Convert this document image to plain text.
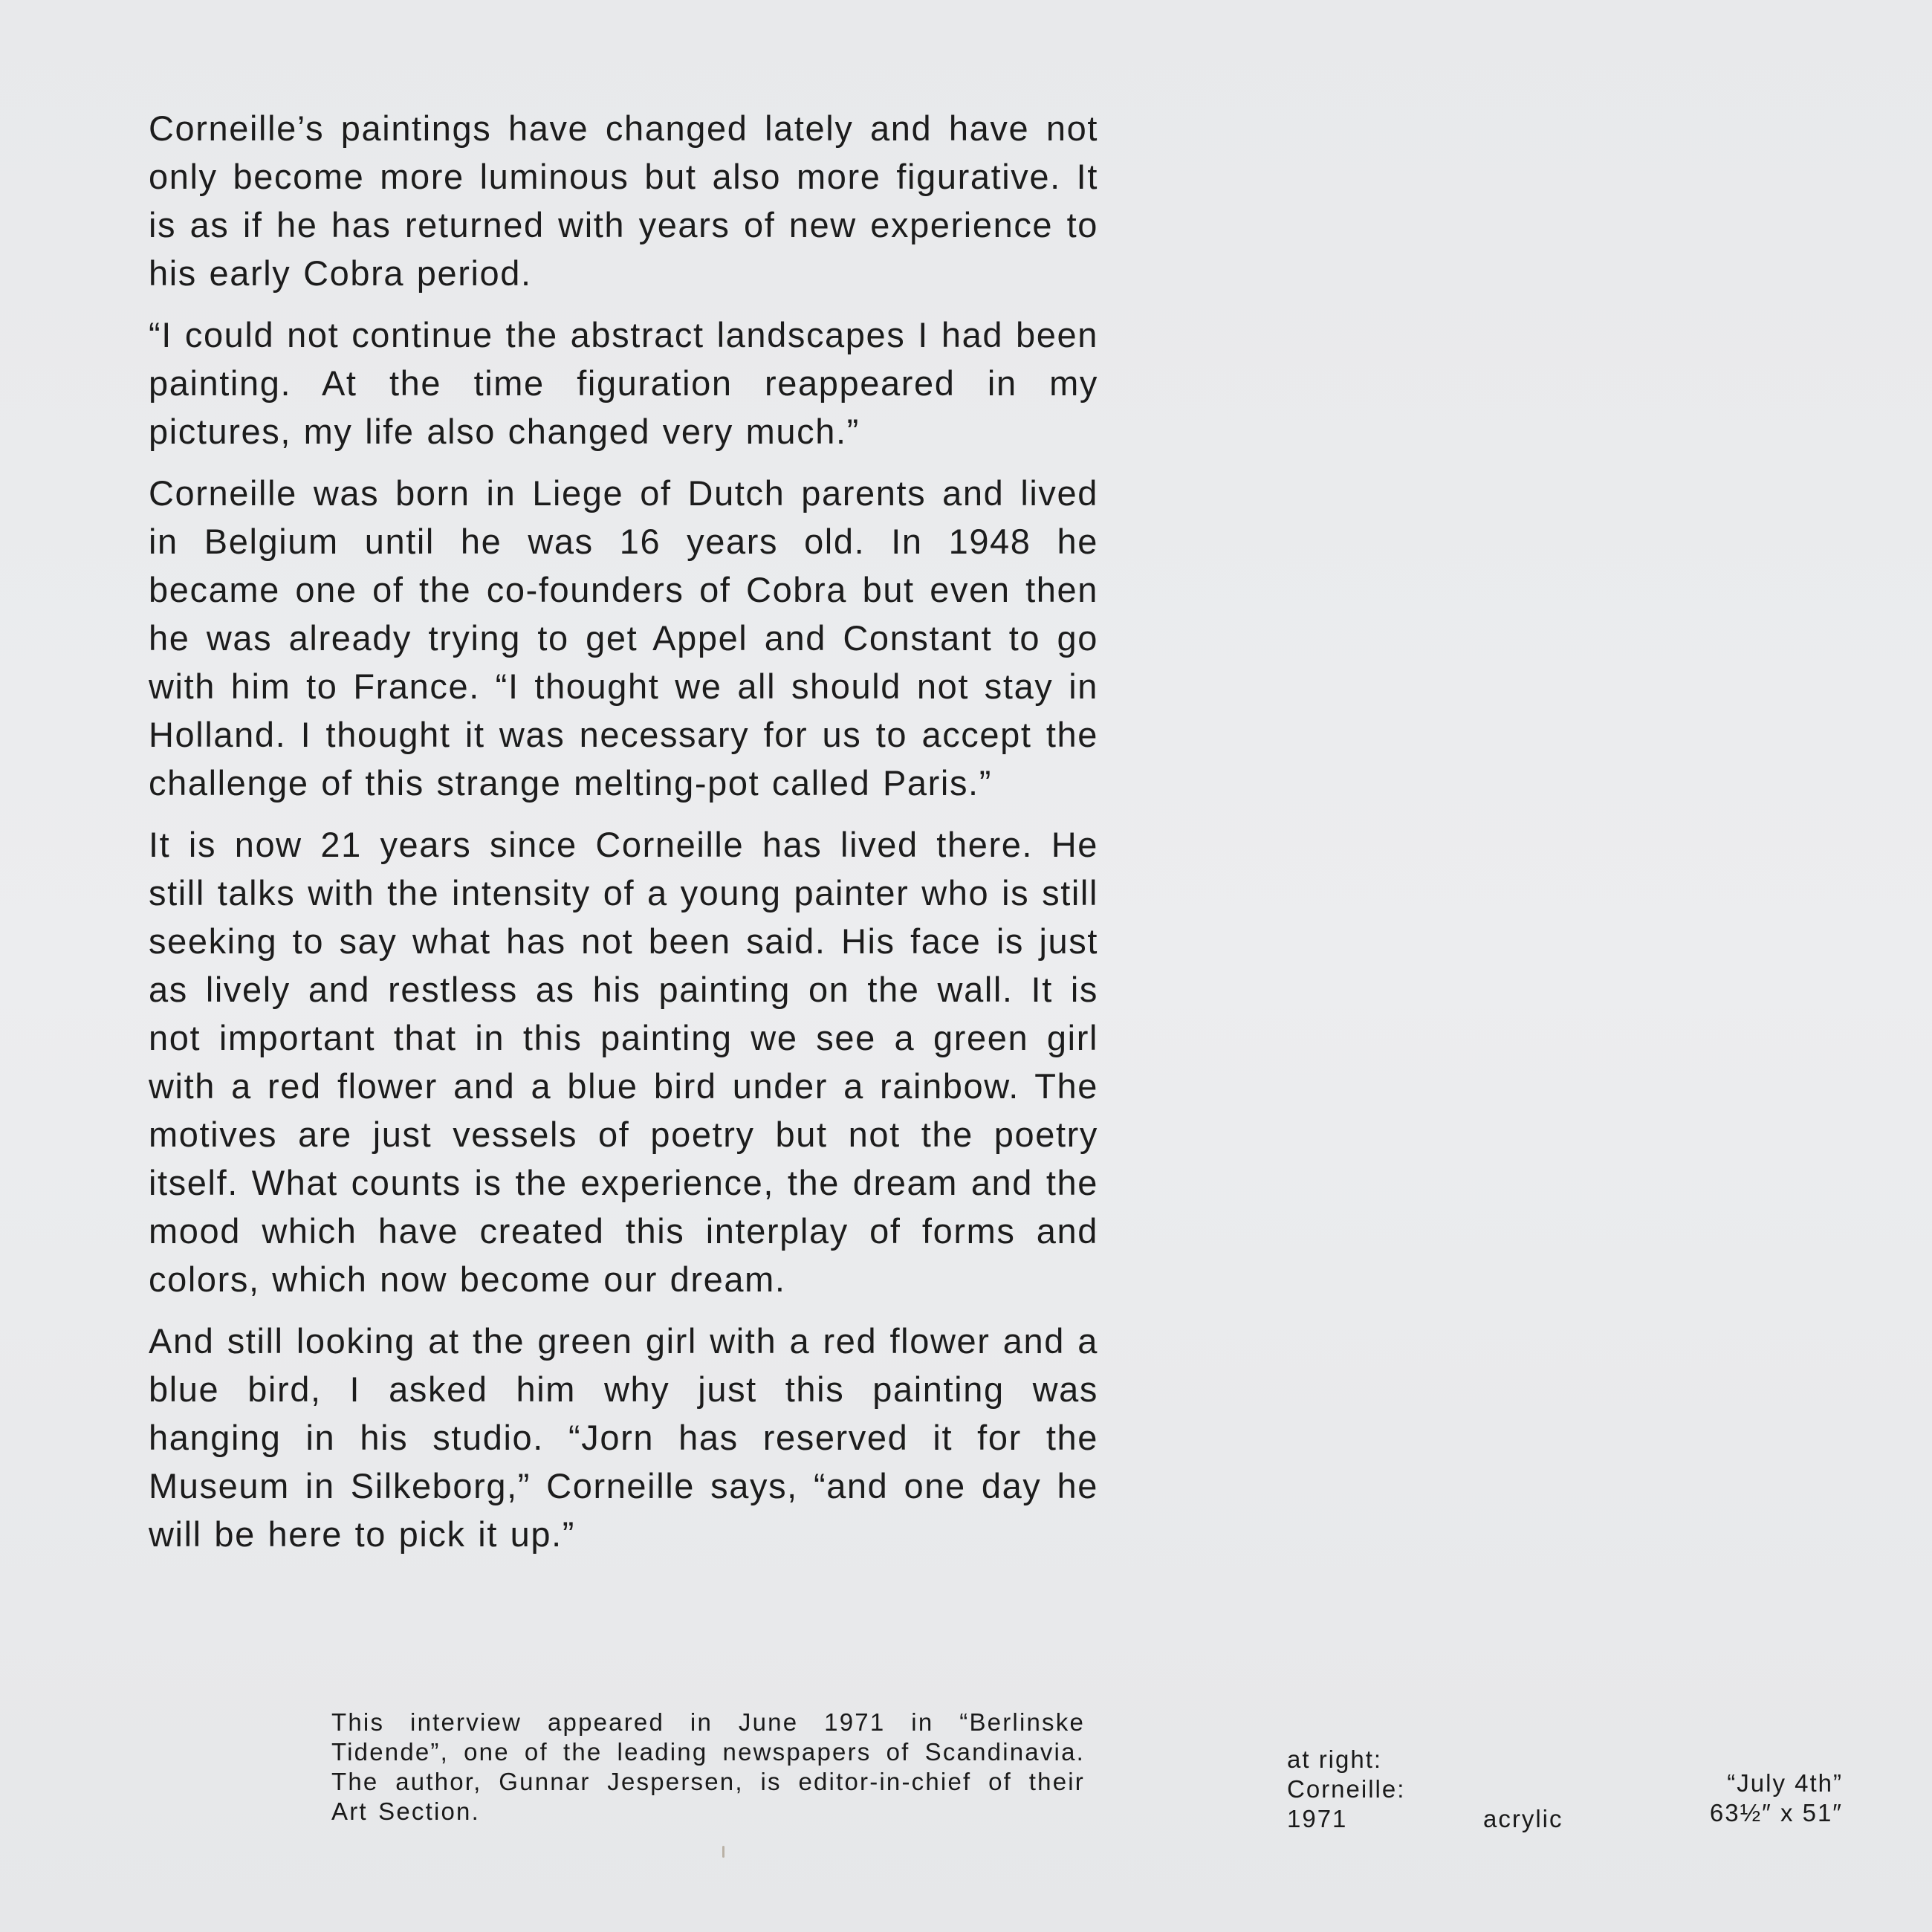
Corneille’s paintings have changed lately and have not only become more luminous but also more figurative. It is as if he has returned with years of new experience to his early Cobra period.

“I could not continue the abstract landscapes I had been painting. At the time figuration reappeared in my pictures, my life also changed very much.”

Corneille was born in Liege of Dutch parents and lived in Belgium until he was 16 years old. In 1948 he became one of the co-founders of Cobra but even then he was already trying to get Appel and Constant to go with him to France. “I thought we all should not stay in Holland. I thought it was necessary for us to accept the challenge of this strange melting-pot called Paris.”

It is now 21 years since Corneille has lived there. He still talks with the intensity of a young painter who is still seeking to say what has not been said. His face is just as lively and restless as his painting on the wall. It is not important that in this painting we see a green girl with a red flower and a blue bird under a rainbow. The motives are just vessels of poetry but not the poetry itself. What counts is the experience, the dream and the mood which have created this interplay of forms and colors, which now become our dream.

And still looking at the green girl with a red flower and a blue bird, I asked him why just this painting was hanging in his studio. “Jorn has reserved it for the Museum in Silkeborg,” Corneille says, “and one day he will be here to pick it up.”

This interview appeared in June 1971 in “Berlinske Tidende”, one of the leading newspapers of Scandinavia. The author, Gunnar Jespersen, is editor-in-chief of their Art Section.
at right:
Corneille:
1971	acrylic
“July 4th”
63½″ x 51″
